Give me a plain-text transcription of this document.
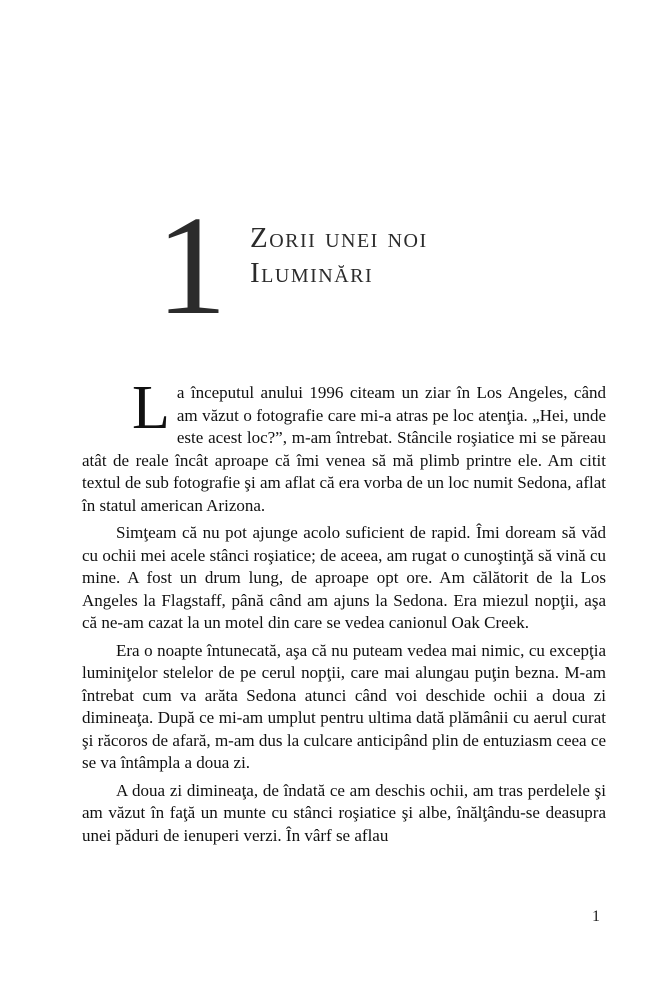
1 Zorii unei noi
Iluminări

La începutul anului 1996 citeam un ziar în Los Angeles, când am văzut o fotografie care mi-a atras pe loc atenţia. „Hei, unde este acest loc?”, m-am întrebat. Stâncile roşiatice mi se păreau atât de reale încât aproape că îmi venea să mă plimb printre ele. Am citit textul de sub fotografie şi am aflat că era vorba de un loc numit Sedona, aflat în statul american Arizona.

Simţeam că nu pot ajunge acolo suficient de rapid. Îmi doream să văd cu ochii mei acele stânci roşiatice; de aceea, am rugat o cunoştinţă să vină cu mine. A fost un drum lung, de aproape opt ore. Am călătorit de la Los Angeles la Flagstaff, până când am ajuns la Sedona. Era miezul nopţii, aşa că ne-am cazat la un motel din care se vedea canionul Oak Creek.

Era o noapte întunecată, aşa că nu puteam vedea mai nimic, cu excepţia luminiţelor stelelor de pe cerul nopţii, care mai alungau puţin bezna. M-am întrebat cum va arăta Sedona atunci când voi deschide ochii a doua zi dimineaţa. După ce mi-am umplut pentru ultima dată plămânii cu aerul curat şi răcoros de afară, m-am dus la culcare anticipând plin de entuziasm ceea ce se va întâmpla a doua zi.

A doua zi dimineaţa, de îndată ce am deschis ochii, am tras perdelele şi am văzut în faţă un munte cu stânci roşiatice şi albe, înălţându-se deasupra unei păduri de ienuperi verzi. În vârf se aflau

1
